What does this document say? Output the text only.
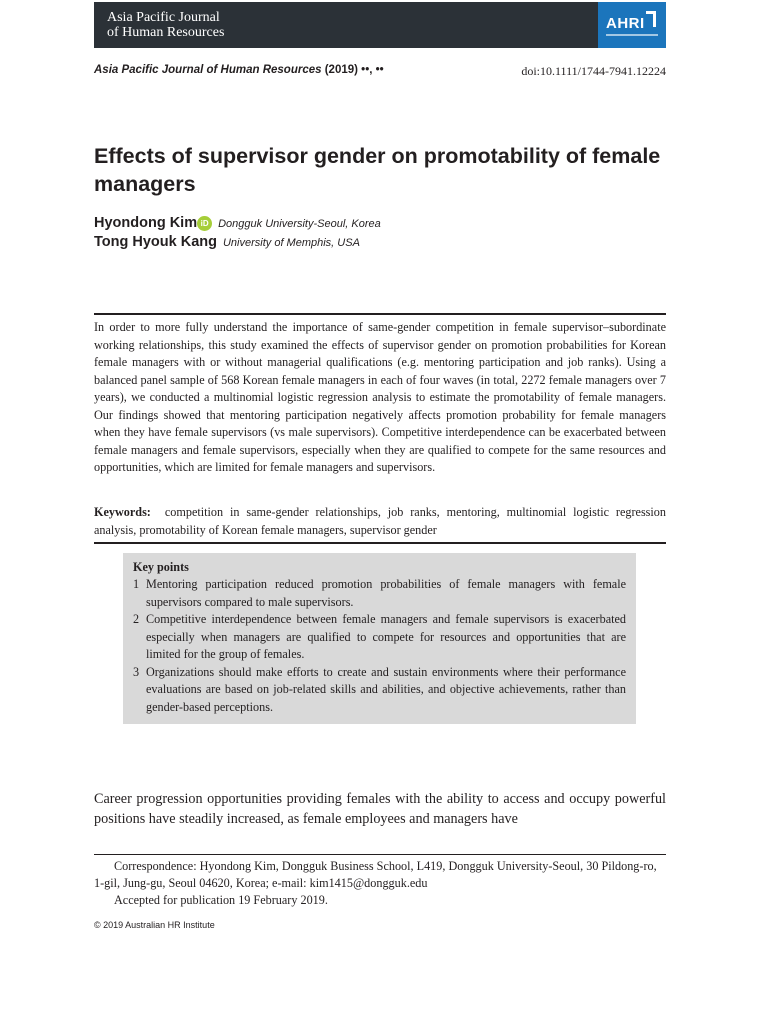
Asia Pacific Journal
of Human Resources
AHRI
Asia Pacific Journal of Human Resources (2019) ••, ••	doi:10.1111/1744-7941.12224
Effects of supervisor gender on promotability of female managers
Hyondong Kim iD Dongguk University-Seoul, Korea
Tong Hyouk Kang University of Memphis, USA

In order to more fully understand the importance of same-gender competition in female supervisor–subordinate working relationships, this study examined the effects of supervisor gender on promotion probabilities for Korean female managers with or without managerial qualifications (e.g. mentoring participation and job ranks). Using a balanced panel sample of 568 Korean female managers in each of four waves (in total, 2272 female managers over 7 years), we conducted a multinomial logistic regression analysis to estimate the promotability of female managers. Our findings showed that mentoring participation negatively affects promotion probability for female managers when they have female supervisors (vs male supervisors). Competitive interdependence can be exacerbated between female managers and female supervisors, especially when they are qualified to compete for the same resources and opportunities, which are limited for female managers and supervisors.

Keywords: competition in same-gender relationships, job ranks, mentoring, multinomial logistic regression analysis, promotability of Korean female managers, supervisor gender

Key points
1 Mentoring participation reduced promotion probabilities of female managers with female supervisors compared to male supervisors.
2 Competitive interdependence between female managers and female supervisors is exacerbated especially when managers are qualified to compete for resources and opportunities that are limited for the group of females.
3 Organizations should make efforts to create and sustain environments where their performance evaluations are based on job-related skills and abilities, and objective achievements, rather than gender-based perceptions.

Career progression opportunities providing females with the ability to access and occupy powerful positions have steadily increased, as female employees and managers have

Correspondence: Hyondong Kim, Dongguk Business School, L419, Dongguk University-Seoul, 30 Pildong-ro, 1-gil, Jung-gu, Seoul 04620, Korea; e-mail: kim1415@dongguk.edu

Accepted for publication 19 February 2019.

© 2019 Australian HR Institute
